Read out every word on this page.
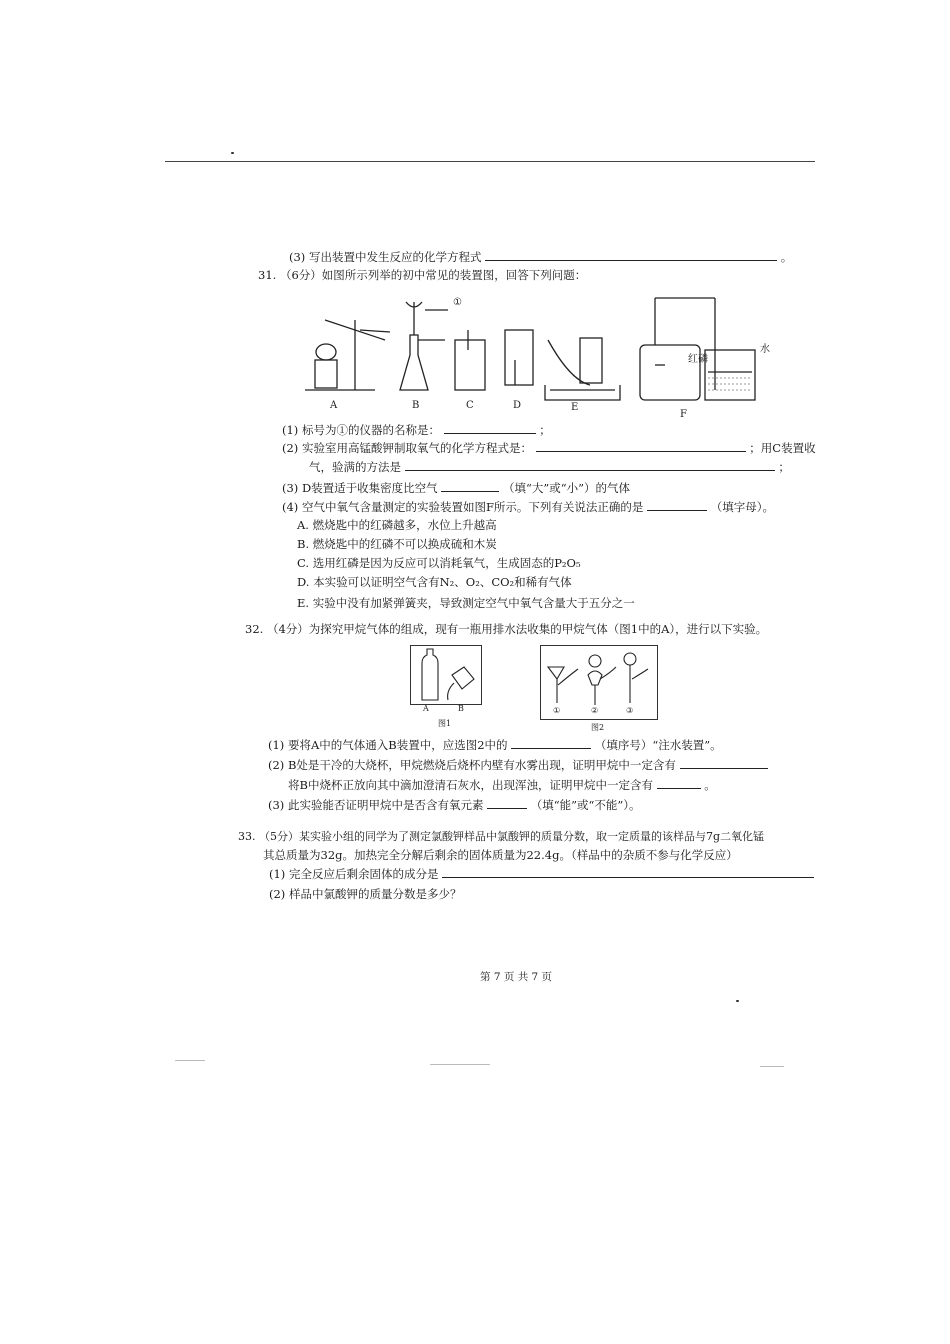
(3) 写出装置中发生反应的化学方程式	。
31. （6分）如图所示列举的初中常见的装置图，回答下列问题：
①
红磷
水
A	B	C	D	E
F
(1) 标号为①的仪器的名称是：	；
(2) 实验室用高锰酸钾制取氧气的化学方程式是：	；用C装置收
气，验满的方法是	；
(3) D装置适于收集密度比空气	（填“大”或“小”）的气体
(4) 空气中氧气含量测定的实验装置如图F所示。下列有关说法正确的是	（填字母）。
A. 燃烧匙中的红磷越多，水位上升越高
B. 燃烧匙中的红磷不可以换成硫和木炭
C. 选用红磷是因为反应可以消耗氧气，生成固态的P₂O₅
D. 本实验可以证明空气含有N₂、O₂、CO₂和稀有气体
E. 实验中没有加紧弹簧夹，导致测定空气中氧气含量大于五分之一
32. （4分）为探究甲烷气体的组成，现有一瓶用排水法收集的甲烷气体（图1中的A），进行以下实验。
A	B
图1
①	②	③
图2
(1) 要将A中的气体通入B装置中，应选图2中的	（填序号）“注水装置”。
(2) B处是干冷的大烧杯，甲烷燃烧后烧杯内壁有水雾出现，证明甲烷中一定含有
将B中烧杯正放向其中滴加澄清石灰水，出现浑浊，证明甲烷中一定含有	。
(3) 此实验能否证明甲烷中是否含有氧元素	（填“能”或“不能”）。
33. （5分）某实验小组的同学为了测定氯酸钾样品中氯酸钾的质量分数，取一定质量的该样品与7g二氧化锰
其总质量为32g。加热完全分解后剩余的固体质量为22.4g。（样品中的杂质不参与化学反应）
(1) 完全反应后剩余固体的成分是
(2) 样品中氯酸钾的质量分数是多少？
第 7 页 共 7 页
